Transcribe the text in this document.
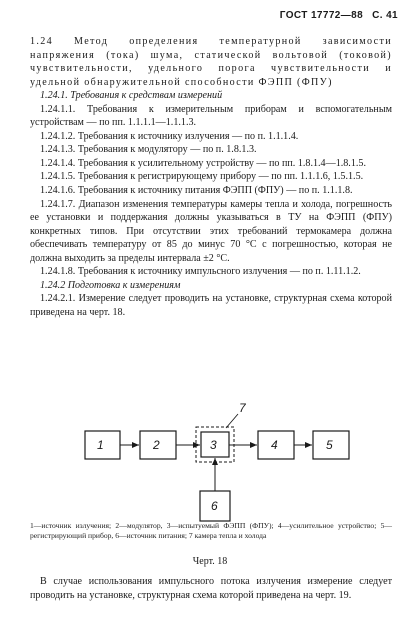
ГОСТ 17772—88 С. 41

1.24 Метод определения температурной зависимости напряжения (тока) шума, статической вольтовой (токовой) чувствительности, удельного порога чувствительности и удельной обнаружительной способности ФЭПП (ФПУ)

1.24.1. Требования к средствам измерений

1.24.1.1. Требования к измерительным приборам и вспомогательным устройствам — по пп. 1.1.1.1—1.1.1.3.

1.24.1.2. Требования к источнику излучения — по п. 1.1.1.4.

1.24.1.3. Требования к модулятору — по п. 1.8.1.3.

1.24.1.4. Требования к усилительному устройству — по пп. 1.8.1.4—1.8.1.5.

1.24.1.5. Требования к регистрирующему прибору — по пп. 1.1.1.6, 1.5.1.5.

1.24.1.6. Требования к источнику питания ФЭПП (ФПУ) — по п. 1.1.1.8.

1.24.1.7. Диапазон изменения температуры камеры тепла и холода, погрешность ее установки и поддержания должны указываться в ТУ на ФЭПП (ФПУ) конкретных типов. При отсутствии этих требований термокамера должна обеспечивать температуру от 85 до минус 70 °С с погрешностью, которая не должна выходить за пределы интервала ±2 °С.

1.24.1.8. Требования к источнику импульсного излучения — по п. 1.11.1.2.

1.24.2 Подготовка к измерениям

1.24.2.1. Измерение следует проводить на установке, структурная схема которой приведена на черт. 18.

7
1	2	3	4	5
6
1—источник излучения; 2—модулятор, 3—испытуемый ФЭПП (ФПУ); 4—усилительное устройство; 5—регистрирующий прибор, 6—источник питания; 7 камера тепла и холода
Черт. 18

В случае использования импульсного потока излучения измерение следует проводить на установке, структурная схема которой приведена на черт. 19.
